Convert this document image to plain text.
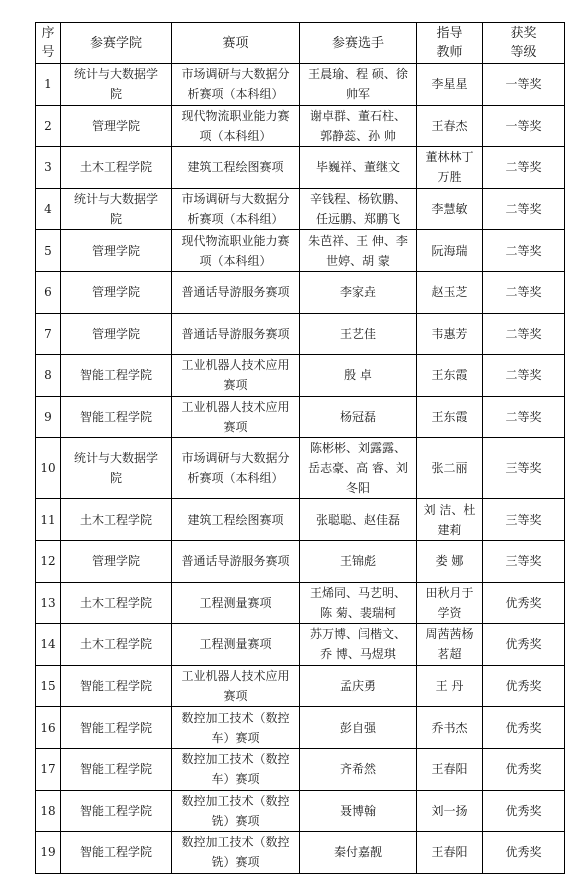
序号	参赛学院	赛项	参赛选手	指导教师	获奖等级
1	统计与大数据学院	市场调研与大数据分析赛项（本科组）	王晨瑜、程 硕、徐帅军	李星星	一等奖
2	管理学院	现代物流职业能力赛项（本科组）	谢卓群、董石柱、郭静蕊、孙 帅	王春杰	一等奖
3	土木工程学院	建筑工程绘图赛项	毕巍祥、董继文	董林林丁万胜	二等奖
4	统计与大数据学院	市场调研与大数据分析赛项（本科组）	辛钱程、杨钦鹏、任远鹏、郑鹏飞	李慧敏	二等奖
5	管理学院	现代物流职业能力赛项（本科组）	朱芭祥、王 伸、李世婷、胡 蒙	阮海瑞	二等奖
6	管理学院	普通话导游服务赛项	李家垚	赵玉芝	二等奖
7	管理学院	普通话导游服务赛项	王艺佳	韦惠芳	二等奖
8	智能工程学院	工业机器人技术应用赛项	殷 卓	王东霞	二等奖
9	智能工程学院	工业机器人技术应用赛项	杨冠磊	王东霞	二等奖
10	统计与大数据学院	市场调研与大数据分析赛项（本科组）	陈彬彬、刘露露、岳志豪、高 睿、刘冬阳	张二丽	三等奖
11	土木工程学院	建筑工程绘图赛项	张聪聪、赵佳磊	刘 洁、杜建莉	三等奖
12	管理学院	普通话导游服务赛项	王锦彪	娄 娜	三等奖
13	土木工程学院	工程测量赛项	王烯同、马艺明、陈 菊、裴瑞柯	田秋月于学资	优秀奖
14	土木工程学院	工程测量赛项	苏万博、闫楷文、乔 博、马煜琪	周茜茜杨茗超	优秀奖
15	智能工程学院	工业机器人技术应用赛项	孟庆勇	王 丹	优秀奖
16	智能工程学院	数控加工技术（数控车）赛项	彭自强	乔书杰	优秀奖
17	智能工程学院	数控加工技术（数控车）赛项	齐希然	王春阳	优秀奖
18	智能工程学院	数控加工技术（数控铣）赛项	聂博翰	刘一扬	优秀奖
19	智能工程学院	数控加工技术（数控铣）赛项	秦付嘉靓	王春阳	优秀奖
